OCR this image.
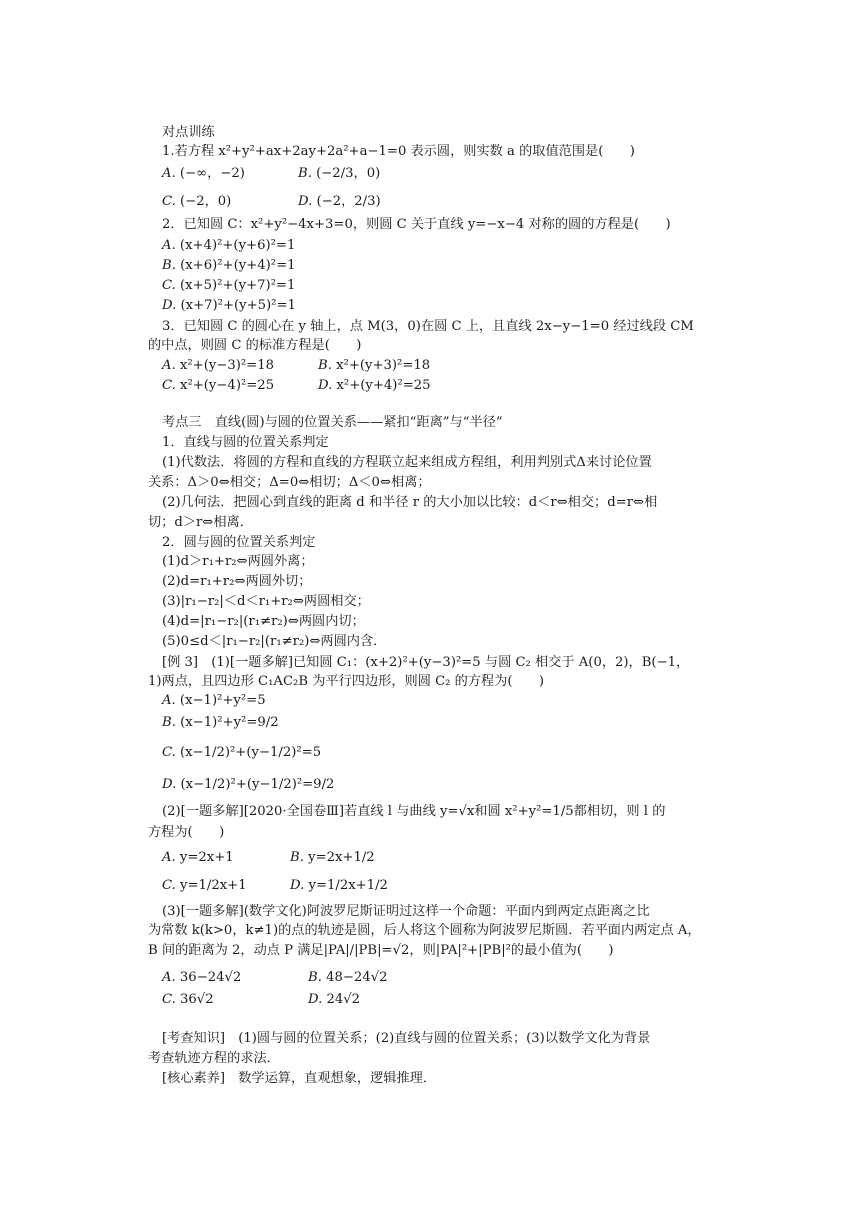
对点训练
1.若方程 x²+y²+ax+2ay+2a²+a−1=0 表示圆，则实数 a 的取值范围是(　　)
A. (−∞，−2)	B. (−2/3，0)
C. (−2，0)	D. (−2，2/3)
2．已知圆 C：x²+y²−4x+3=0，则圆 C 关于直线 y=−x−4 对称的圆的方程是(　　)
A. (x+4)²+(y+6)²=1
B. (x+6)²+(y+4)²=1
C. (x+5)²+(y+7)²=1
D. (x+7)²+(y+5)²=1
3．已知圆 C 的圆心在 y 轴上，点 M(3，0)在圆 C 上，且直线 2x−y−1=0 经过线段 CM
的中点，则圆 C 的标准方程是(　　)
A. x²+(y−3)²=18	B. x²+(y+3)²=18
C. x²+(y−4)²=25	D. x²+(y+4)²=25
考点三　直线(圆)与圆的位置关系——紧扣“距离”与“半径”
1．直线与圆的位置关系判定
(1)代数法．将圆的方程和直线的方程联立起来组成方程组，利用判别式Δ来讨论位置
关系：Δ＞0⇔相交；Δ=0⇔相切；Δ＜0⇔相离；
(2)几何法．把圆心到直线的距离 d 和半径 r 的大小加以比较：d＜r⇔相交；d=r⇔相
切；d＞r⇔相离．
2．圆与圆的位置关系判定
(1)d＞r₁+r₂⇔两圆外离；
(2)d=r₁+r₂⇔两圆外切；
(3)|r₁−r₂|＜d＜r₁+r₂⇔两圆相交；
(4)d=|r₁−r₂|(r₁≠r₂)⇔两圆内切；
(5)0≤d＜|r₁−r₂|(r₁≠r₂)⇔两圆内含．
[例 3]　(1)[一题多解]已知圆 C₁：(x+2)²+(y−3)²=5 与圆 C₂ 相交于 A(0，2)，B(−1，
1)两点，且四边形 C₁AC₂B 为平行四边形，则圆 C₂ 的方程为(　　)
A. (x−1)²+y²=5
B. (x−1)²+y²=9/2
C. (x−1/2)²+(y−1/2)²=5
D. (x−1/2)²+(y−1/2)²=9/2
(2)[一题多解][2020·全国卷Ⅲ]若直线 l 与曲线 y=√x和圆 x²+y²=1/5都相切，则 l 的
方程为(　　)
A. y=2x+1	B. y=2x+1/2
C. y=1/2x+1	D. y=1/2x+1/2
(3)[一题多解](数学文化)阿波罗尼斯证明过这样一个命题：平面内到两定点距离之比
为常数 k(k>0，k≠1)的点的轨迹是圆，后人将这个圆称为阿波罗尼斯圆．若平面内两定点 A，
B 间的距离为 2，动点 P 满足|PA|/|PB|=√2，则|PA|²+|PB|²的最小值为(　　)
A. 36−24√2	B. 48−24√2
C. 36√2	D. 24√2
[考查知识]　(1)圆与圆的位置关系；(2)直线与圆的位置关系；(3)以数学文化为背景
考查轨迹方程的求法．
[核心素养]　数学运算，直观想象，逻辑推理．
